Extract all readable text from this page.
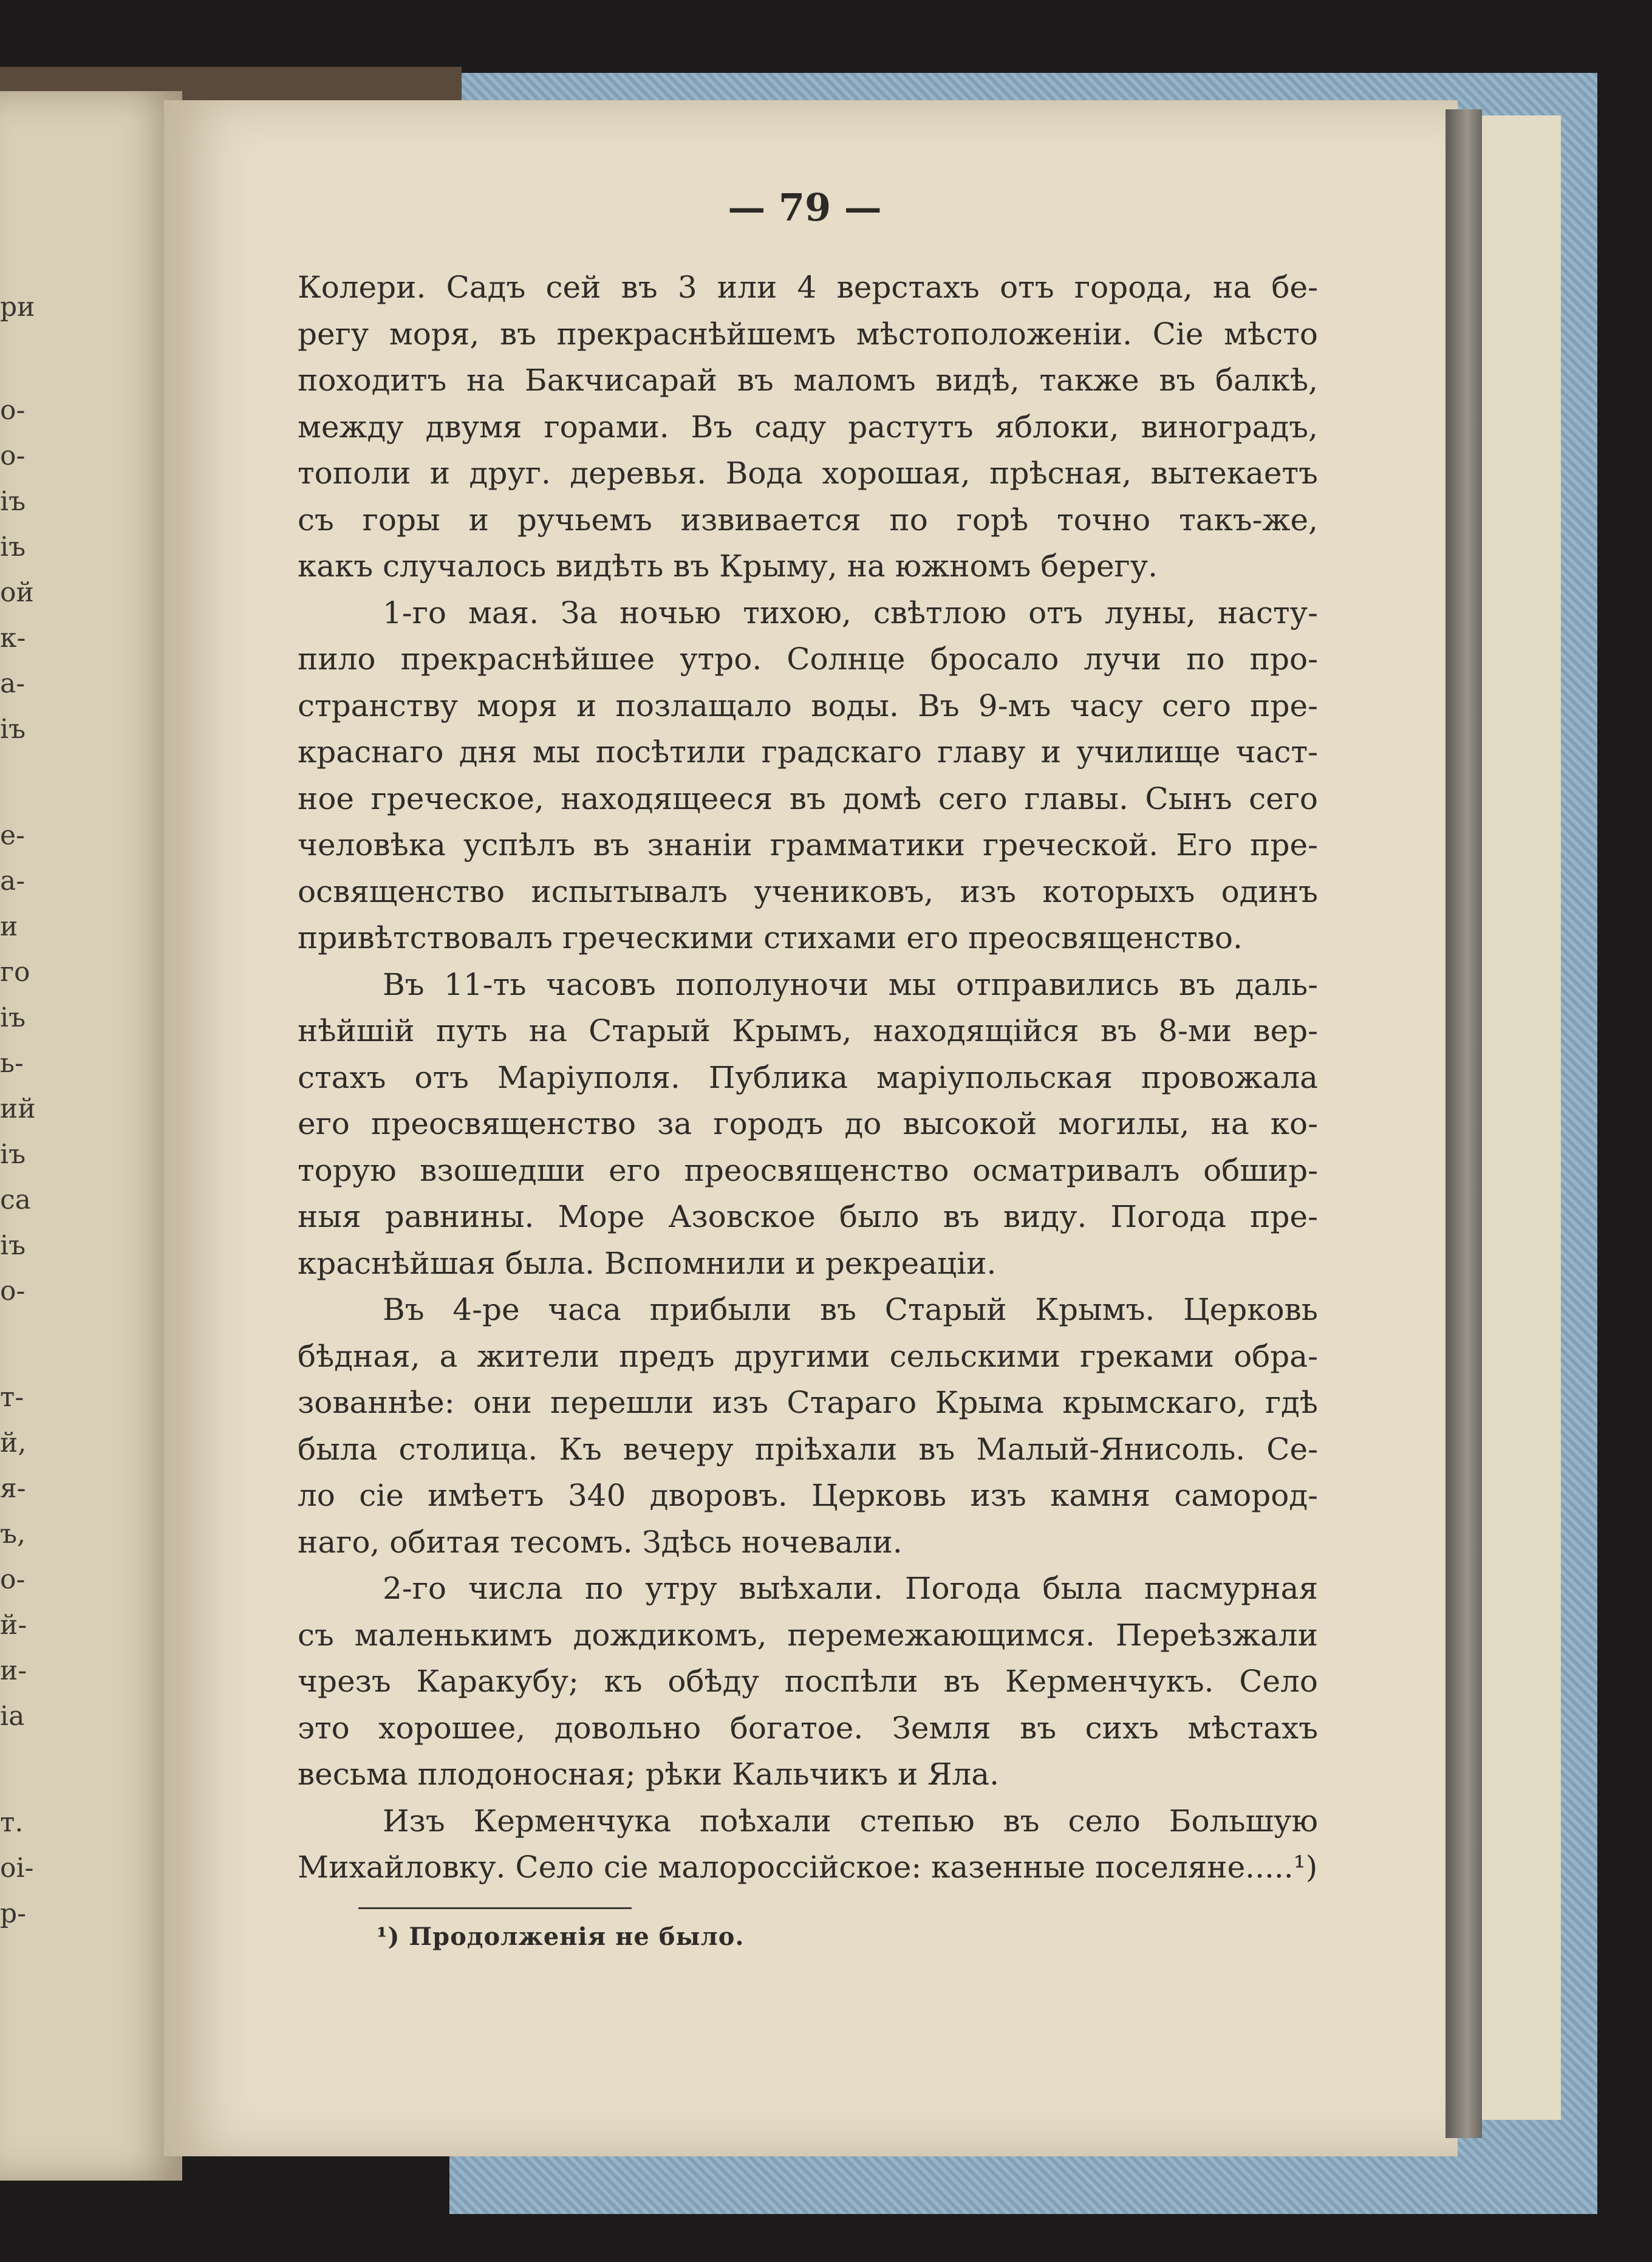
ри
о-
о-
іъ
іъ
ой
к-
а-
іъ
е-
а-
и
го
іъ
ь-
ий
іъ
са
іъ
о-
т-
й,
я-
ъ,
о-
й-
и-
іа
т.
оі-
р-
— 79 —
Колери. Садъ сей въ 3 или 4 верстахъ отъ города, на бе-
регу моря, въ прекраснѣйшемъ мѣстоположеніи. Сіе мѣсто
походитъ на Бакчисарай въ маломъ видѣ, также въ балкѣ,
между двумя горами. Въ саду растутъ яблоки, виноградъ,
тополи и друг. деревья. Вода хорошая, прѣсная, вытекаетъ
съ горы и ручьемъ извивается по горѣ точно такъ-же,
какъ случалось видѣть въ Крыму, на южномъ берегу.
1-го мая. За ночью тихою, свѣтлою отъ луны, насту-
пило прекраснѣйшее утро. Солнце бросало лучи по про-
странству моря и позлащало воды. Въ 9-мъ часу сего пре-
краснаго дня мы посѣтили градскаго главу и училище част-
ное греческое, находящееся въ домѣ сего главы. Сынъ сего
человѣка успѣлъ въ знаніи грамматики греческой. Его пре-
освященство испытывалъ учениковъ, изъ которыхъ одинъ
привѣтствовалъ греческими стихами его преосвященство.
Въ 11-ть часовъ пополуночи мы отправились въ даль-
нѣйшій путь на Старый Крымъ, находящійся въ 8-ми вер-
стахъ отъ Маріуполя. Публика маріупольская провожала
его преосвященство за городъ до высокой могилы, на ко-
торую взошедши его преосвященство осматривалъ обшир-
ныя равнины. Море Азовское было въ виду. Погода пре-
краснѣйшая была. Вспомнили и рекреаціи.
Въ 4-ре часа прибыли въ Старый Крымъ. Церковь
бѣдная, а жители предъ другими сельскими греками обра-
зованнѣе: они перешли изъ Стараго Крыма крымскаго, гдѣ
была столица. Къ вечеру пріѣхали въ Малый-Янисоль. Се-
ло сіе имѣетъ 340 дворовъ. Церковь изъ камня самород-
наго, обитая тесомъ. Здѣсь ночевали.
2-го числа по утру выѣхали. Погода была пасмурная
съ маленькимъ дождикомъ, перемежающимся. Переѣзжали
чрезъ Каракубу; къ обѣду поспѣли въ Керменчукъ. Село
это хорошее, довольно богатое. Земля въ сихъ мѣстахъ
весьма плодоносная; рѣки Кальчикъ и Яла.
Изъ Керменчука поѣхали степью въ село Большую
Михайловку. Село сіе малороссійское: казенные поселяне.....¹)
¹) Продолженія не было.
